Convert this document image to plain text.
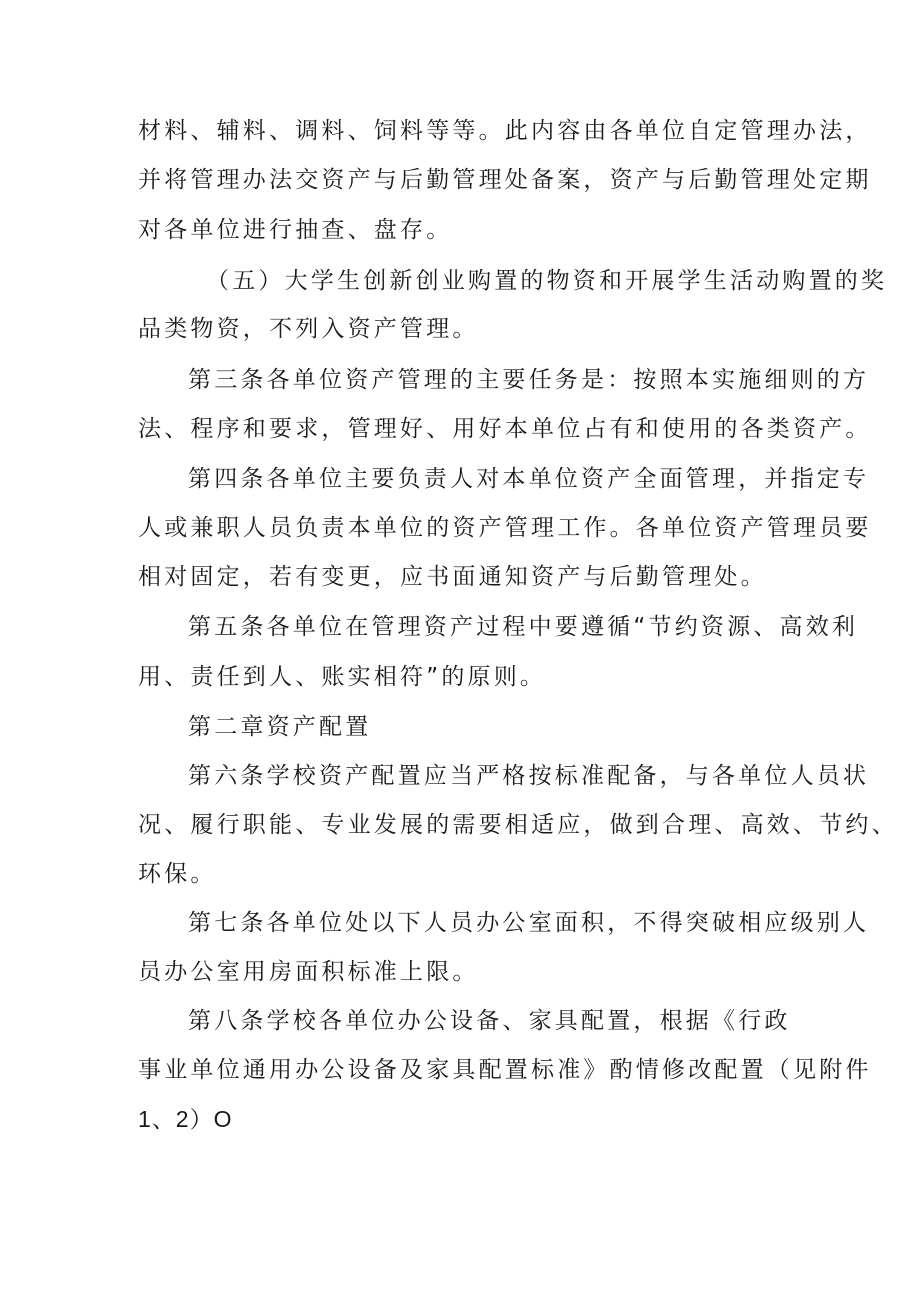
材料、辅料、调料、饲料等等。此内容由各单位自定管理办法，
并将管理办法交资产与后勤管理处备案，资产与后勤管理处定期
对各单位进行抽查、盘存。
（五）大学生创新创业购置的物资和开展学生活动购置的奖
品类物资，不列入资产管理。
第三条各单位资产管理的主要任务是：按照本实施细则的方
法、程序和要求，管理好、用好本单位占有和使用的各类资产。
第四条各单位主要负责人对本单位资产全面管理，并指定专
人或兼职人员负责本单位的资产管理工作。各单位资产管理员要
相对固定，若有变更，应书面通知资产与后勤管理处。
第五条各单位在管理资产过程中要遵循“节约资源、高效利
用、责任到人、账实相符”的原则。
第二章资产配置
第六条学校资产配置应当严格按标准配备，与各单位人员状
况、履行职能、专业发展的需要相适应，做到合理、高效、节约、
环保。
第七条各单位处以下人员办公室面积，不得突破相应级别人
员办公室用房面积标准上限。
第八条学校各单位办公设备、家具配置，根据《行政
事业单位通用办公设备及家具配置标准》酌情修改配置（见附件
1、2）O
